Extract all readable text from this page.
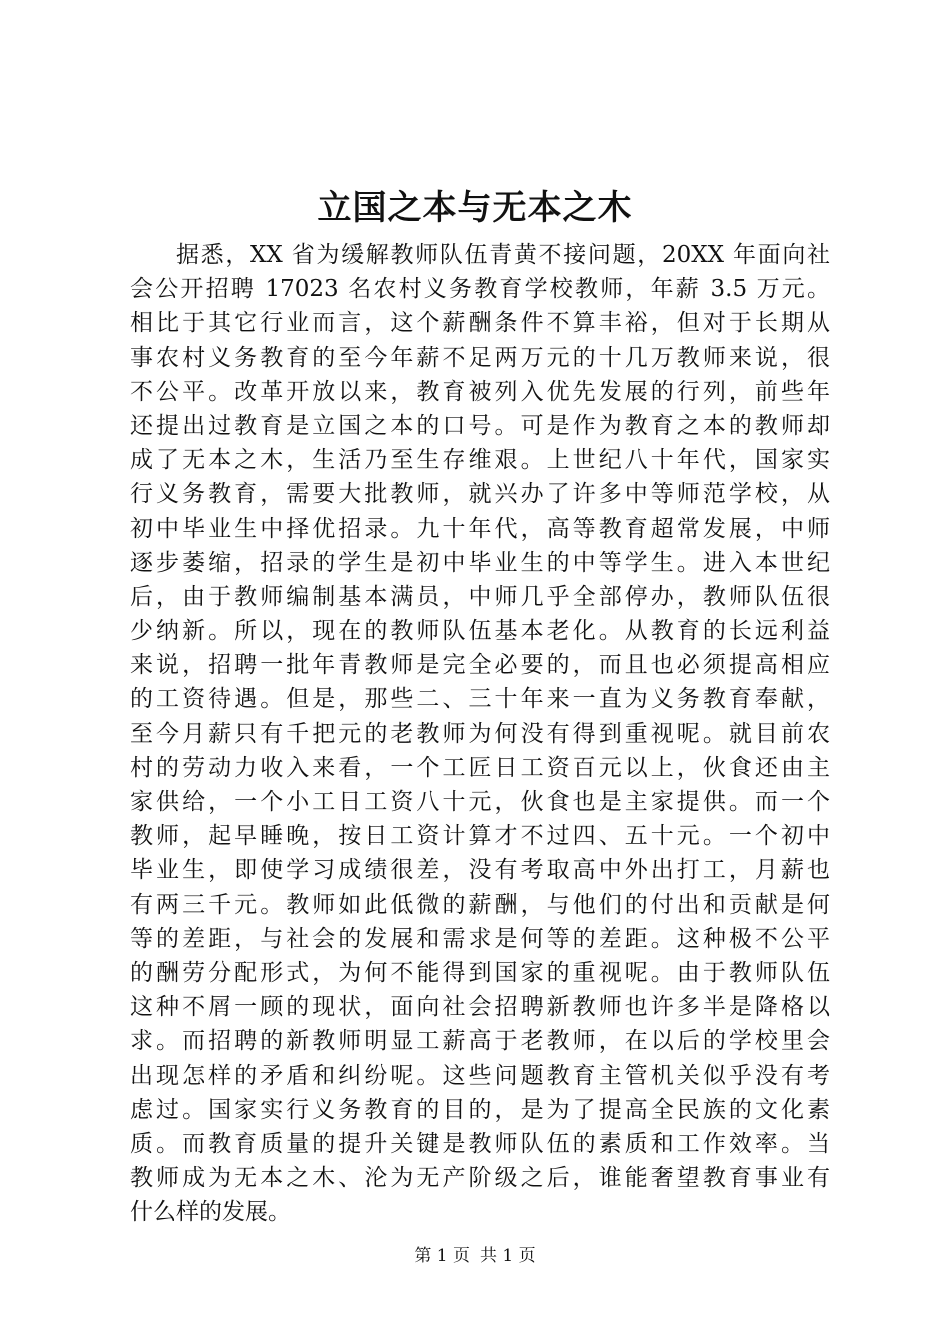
立国之本与无本之木
据悉，XX 省为缓解教师队伍青黄不接问题，20XX 年面向社
会公开招聘 17023 名农村义务教育学校教师，年薪 3.5 万元。
相比于其它行业而言，这个薪酬条件不算丰裕，但对于长期从
事农村义务教育的至今年薪不足两万元的十几万教师来说，很
不公平。改革开放以来，教育被列入优先发展的行列，前些年
还提出过教育是立国之本的口号。可是作为教育之本的教师却
成了无本之木，生活乃至生存维艰。上世纪八十年代，国家实
行义务教育，需要大批教师，就兴办了许多中等师范学校，从
初中毕业生中择优招录。九十年代，高等教育超常发展，中师
逐步萎缩，招录的学生是初中毕业生的中等学生。进入本世纪
后，由于教师编制基本满员，中师几乎全部停办，教师队伍很
少纳新。所以，现在的教师队伍基本老化。从教育的长远利益
来说，招聘一批年青教师是完全必要的，而且也必须提高相应
的工资待遇。但是，那些二、三十年来一直为义务教育奉献，
至今月薪只有千把元的老教师为何没有得到重视呢。就目前农
村的劳动力收入来看，一个工匠日工资百元以上，伙食还由主
家供给，一个小工日工资八十元，伙食也是主家提供。而一个
教师，起早睡晚，按日工资计算才不过四、五十元。一个初中
毕业生，即使学习成绩很差，没有考取高中外出打工，月薪也
有两三千元。教师如此低微的薪酬，与他们的付出和贡献是何
等的差距，与社会的发展和需求是何等的差距。这种极不公平
的酬劳分配形式，为何不能得到国家的重视呢。由于教师队伍
这种不屑一顾的现状，面向社会招聘新教师也许多半是降格以
求。而招聘的新教师明显工薪高于老教师，在以后的学校里会
出现怎样的矛盾和纠纷呢。这些问题教育主管机关似乎没有考
虑过。国家实行义务教育的目的，是为了提高全民族的文化素
质。而教育质量的提升关键是教师队伍的素质和工作效率。当
教师成为无本之木、沦为无产阶级之后，谁能奢望教育事业有
什么样的发展。
第 1 页 共 1 页
